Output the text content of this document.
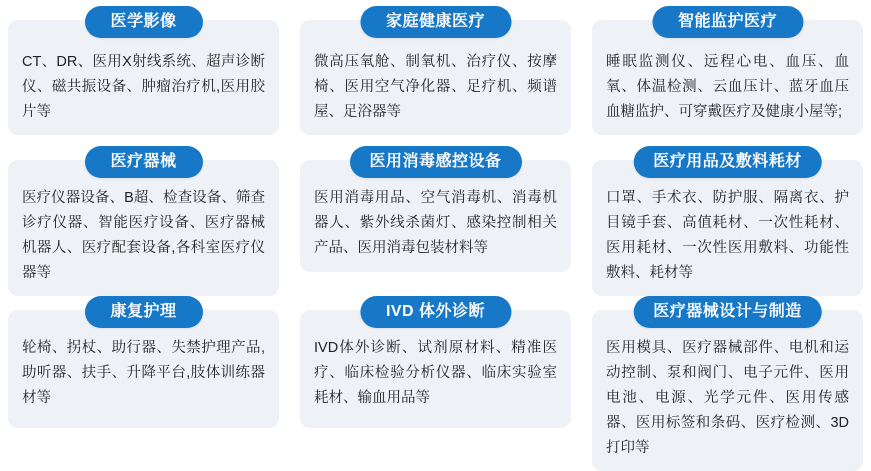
医学影像
CT、DR、医用X射线系统、超声诊断仪、磁共振设备、肿瘤治疗机,医用胶片等
家庭健康医疗
微高压氧舱、制氧机、治疗仪、按摩椅、医用空气净化器、足疗机、频谱屋、足浴器等
智能监护医疗
睡眠监测仪、远程心电、血压、血氧、体温检测、云血压计、蓝牙血压血糖监护、可穿戴医疗及健康小屋等;
医疗器械
医疗仪器设备、B超、检查设备、筛查诊疗仪器、智能医疗设备、医疗器械机器人、医疗配套设备,各科室医疗仪器等
医用消毒感控设备
医用消毒用品、空气消毒机、消毒机器人、紫外线杀菌灯、感染控制相关产品、医用消毒包装材料等
医疗用品及敷料耗材
口罩、手术衣、防护服、隔离衣、护目镜手套、高值耗材、一次性耗材、医用耗材、一次性医用敷料、功能性敷料、耗材等
康复护理
轮椅、拐杖、助行器、失禁护理产品,助听器、扶手、升降平台,肢体训练器材等
IVD 体外诊断
IVD体外诊断、试剂原材料、精准医疗、临床检验分析仪器、临床实验室耗材、输血用品等
医疗器械设计与制造
医用模具、医疗器械部件、电机和运动控制、泵和阀门、电子元件、医用电池、电源、光学元件、医用传感器、医用标签和条码、医疗检测、3D打印等
